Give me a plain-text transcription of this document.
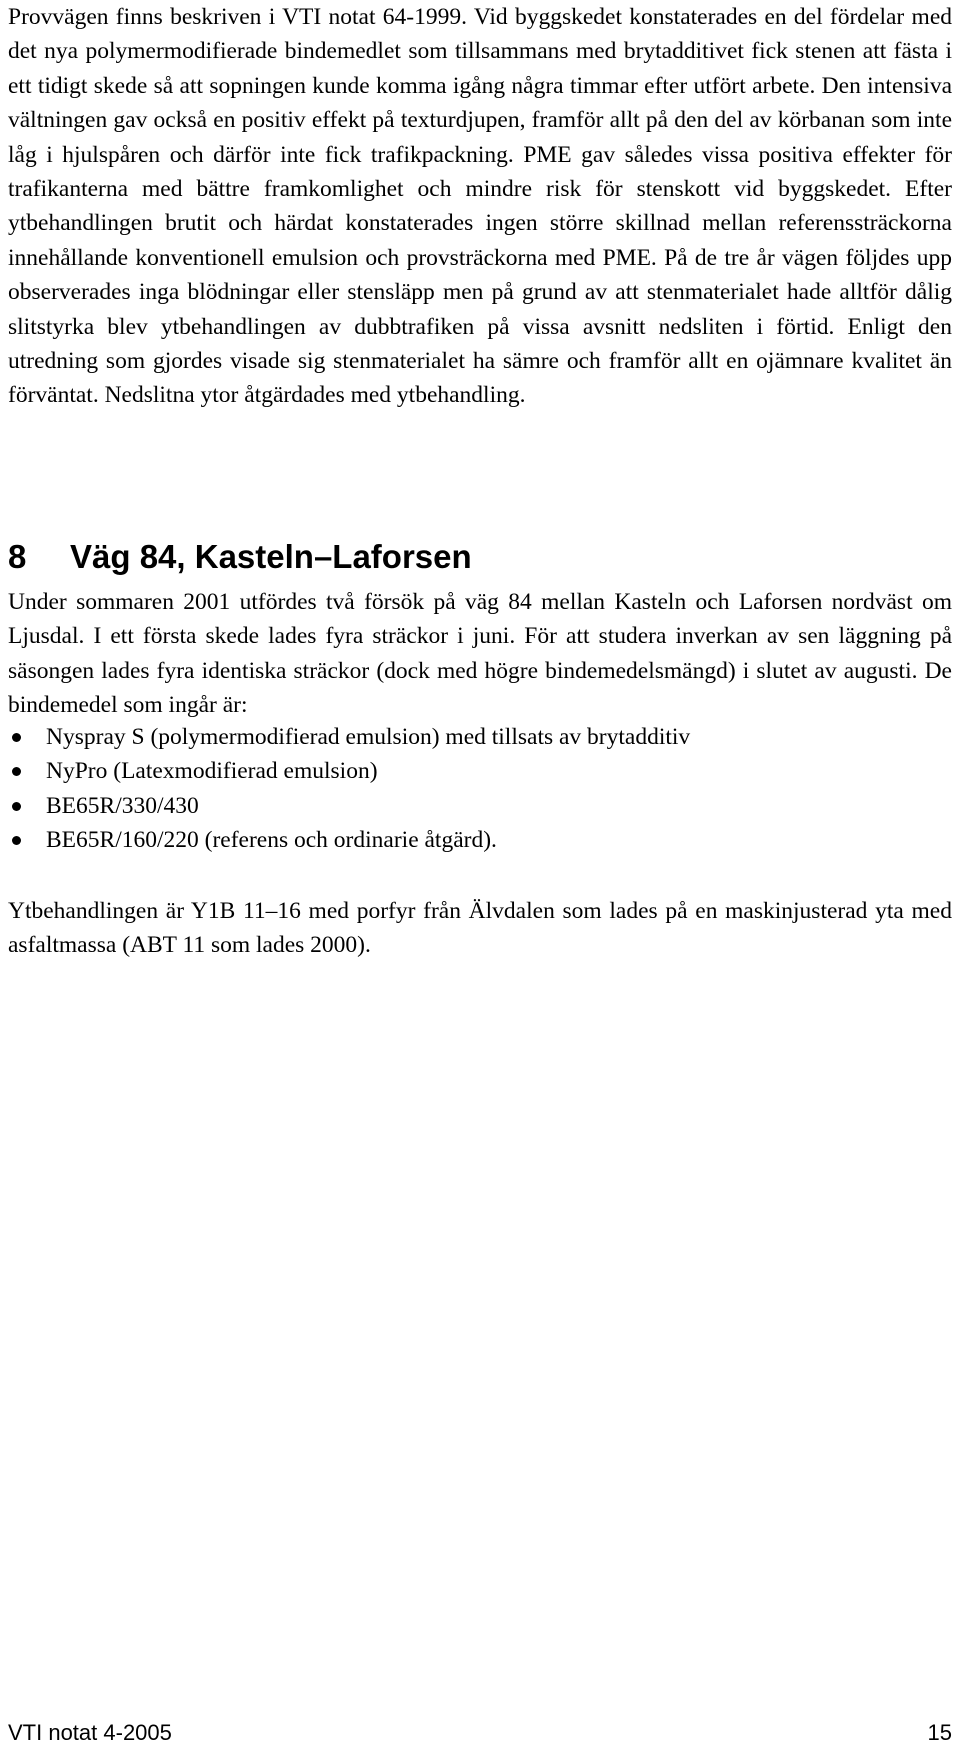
Provvägen finns beskriven i VTI notat 64-1999. Vid byggskedet konstaterades en del fördelar med det nya polymermodifierade bindemedlet som tillsammans med brytadditivet fick stenen att fästa i ett tidigt skede så att sopningen kunde komma igång några timmar efter utfört arbete. Den intensiva vältningen gav också en positiv effekt på texturdjupen, framför allt på den del av körbanan som inte låg i hjulspåren och därför inte fick trafikpackning. PME gav således vissa positiva effekter för trafikanterna med bättre framkomlighet och mindre risk för stenskott vid byggskedet. Efter ytbehandlingen brutit och härdat konstaterades ingen större skillnad mellan referenssträckorna innehållande konventionell emulsion och provsträckorna med PME. På de tre år vägen följdes upp observerades inga blödningar eller stensläpp men på grund av att stenmaterialet hade alltför dålig slitstyrka blev ytbehandlingen av dubbtrafiken på vissa avsnitt nedsliten i förtid. Enligt den utredning som gjordes visade sig stenmaterialet ha sämre och framför allt en ojämnare kvalitet än förväntat. Nedslitna ytor åtgärdades med ytbehandling.

8 Väg 84, Kasteln–Laforsen

Under sommaren 2001 utfördes två försök på väg 84 mellan Kasteln och Laforsen nordväst om Ljusdal. I ett första skede lades fyra sträckor i juni. För att studera inverkan av sen läggning på säsongen lades fyra identiska sträckor (dock med högre bindemedelsmängd) i slutet av augusti. De bindemedel som ingår är:

Nyspray S (polymermodifierad emulsion) med tillsats av brytadditiv
NyPro (Latexmodifierad emulsion)
BE65R/330/430
BE65R/160/220 (referens och ordinarie åtgärd).

Ytbehandlingen är Y1B 11–16 med porfyr från Älvdalen som lades på en maskinjusterad yta med asfaltmassa (ABT 11 som lades 2000).

VTI notat 4-2005	15
